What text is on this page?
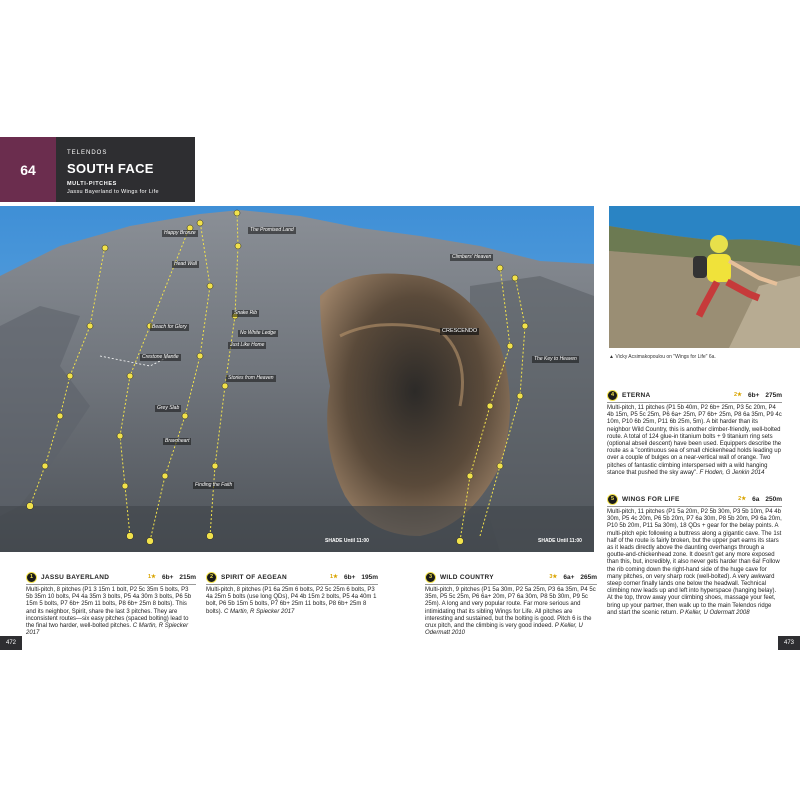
64
TELENDOS
SOUTH FACE
MULTI-PITCHES
Jassu Bayerland to Wings for Life
Happy Bronze	The Promised Land
Head Wall
Climbers' Heaven
Snake Rib
No White Ledge
Just Like Home
Beach for Glory
Crestone Mantle
Stories from Heaven
The Key to Heaven
Grey Slab
Bravoheart
Finding the Faith
CRESCENDO
SHADE Until 11:00	SHADE Until 11:00
▲ Vicky Acsimakopoulou on "Wings for Life" 6a.
1	JASSU BAYERLAND	1★ 6b+ 215m
Multi-pitch, 8 pitches (P1 3 15m 1 bolt, P2 5c 35m 5 bolts, P3 5b 35m 10 bolts, P4 4a 35m 3 bolts, P5 4a 30m 3 bolts, P6 5b 15m 5 bolts, P7 6b+ 25m 11 bolts, P8 6b+ 25m 8 bolts). This and its neighbor, Spirit, share the last 3 pitches. They are inconsistent routes—six easy pitches (spaced bolting) lead to the final two harder, well-bolted pitches. C Martin, R Spiecker 2017
2	SPIRIT OF AEGEAN	1★ 6b+ 195m
Multi-pitch, 8 pitches (P1 6a 25m 6 bolts, P2 5c 25m 6 bolts, P3 4a 25m 5 bolts (use long QDs), P4 4b 15m 2 bolts, P5 4a 40m 1 bolt, P6 5b 15m 5 bolts, P7 6b+ 25m 11 bolts, P8 6b+ 25m 8 bolts). C Martin, R Spiecker 2017
3	WILD COUNTRY	3★ 6a+ 265m
Multi-pitch, 9 pitches (P1 5a 30m, P2 5a 25m, P3 6a 35m, P4 5c 35m, P5 5c 25m, P6 6a+ 20m, P7 6a 30m, P8 5b 30m, P9 5c 25m). A long and very popular route. Far more serious and intimidating that its sibling Wings for Life. All pitches are interesting and sustained, but the bolting is good. Pitch 6 is the crux pitch, and the climbing is very good indeed. P Keller, U Odermatt 2010
4	ETERNA	2★ 6b+ 275m
Multi-pitch, 11 pitches (P1 5b 40m, P2 6b+ 25m, P3 5c 20m, P4 4b 15m, P5 5c 25m, P6 6a+ 25m, P7 6b+ 25m, P8 6a 35m, P9 4c 10m, P10 6b 25m, P11 6b 25m, 5m). A bit harder than its neighbor Wild Country, this is another climber-friendly, well-bolted route. A total of 124 glue-in titanium bolts + 9 titanium ring sets (optional abseil descent) have been used. Equippers describe the route as a "continuous sea of small chickenhead holds leading up over a couple of bulges on a near-vertical wall of orange. Two pitches of fantastic climbing interspersed with a wild hanging stance that pushed the sky away". F Hoden, G Jenkin 2014
5	WINGS FOR LIFE	2★ 6a 250m
Multi-pitch, 11 pitches (P1 5a 20m, P2 5b 30m, P3 5b 10m, P4 4b 30m, P5 4c 20m, P6 5b 20m, P7 6a 30m, P8 5b 20m, P9 6a 20m, P10 5b 20m, P11 5a 30m), 18 QDs + gear for the belay points. A multi-pitch epic following a buttress along a gigantic cave. The 1st half of the route is fairly broken, but the upper part earns its stars as it leads directly above the daunting overhangs through a goutte-and-chickenhead zone. It doesn't get any more exposed than this, but, incredibly, it also never gets harder than 6a! Follow the rib coming down the right-hand side of the huge cave for many pitches, on very sharp rock (well-bolted). A very awkward steep corner finally lands one below the headwall. Technical climbing now leads up and left into hyperspace (hanging belay). At the top, throw away your climbing shoes, massage your feet, bring up your partner, then walk up to the main Telendos ridge and start the scenic return. P Keller, U Odermatt 2008
472	473
